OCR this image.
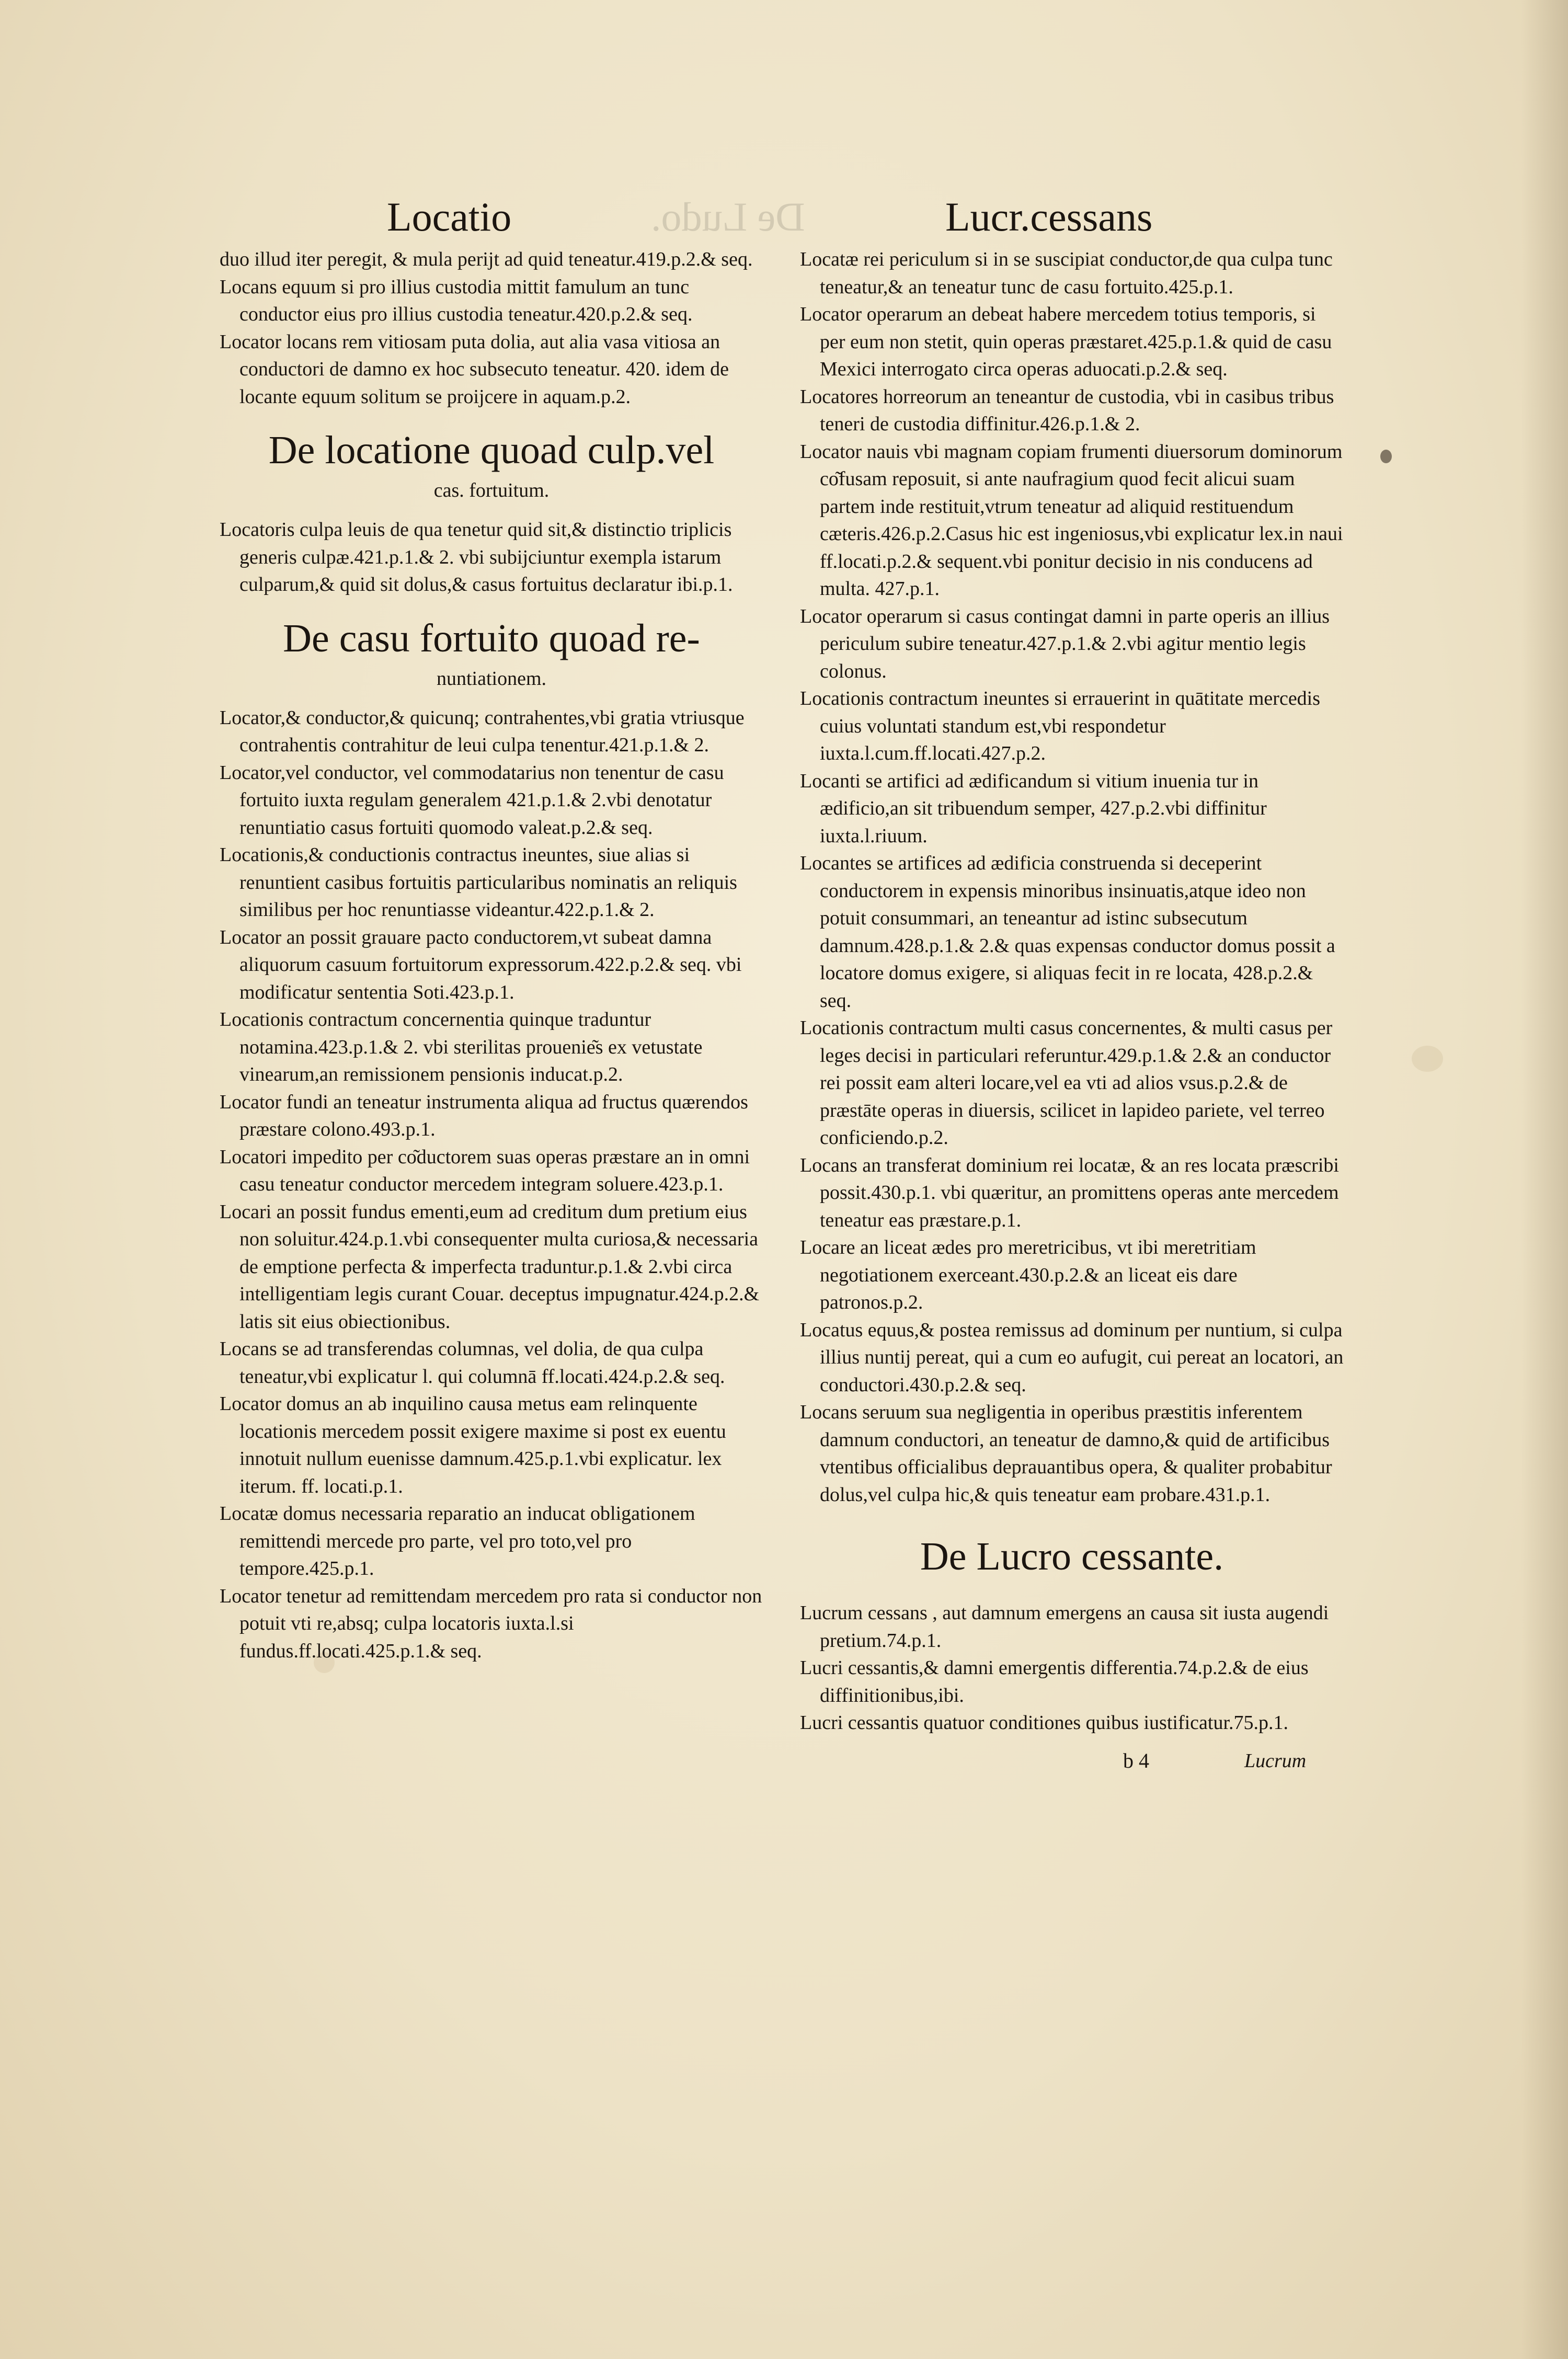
Locatio	De Ludo.	Lucr.cessans

duo illud iter peregit, & mula perijt ad quid teneatur.419.p.2.& seq.

Locans equum si pro illius custodia mittit famulum an tunc conductor eius pro illius custodia teneatur.420.p.2.& seq.

Locator locans rem vitiosam puta dolia, aut alia vasa vitiosa an conductori de damno ex hoc subsecuto teneatur. 420. idem de locante equum solitum se proijcere in aquam.p.2.

De locatione quoad culp.vel

cas. fortuitum.

Locatoris culpa leuis de qua tenetur quid sit,& distinctio triplicis generis culpæ.421.p.1.& 2. vbi subijciuntur exempla istarum culparum,& quid sit dolus,& casus fortuitus declaratur ibi.p.1.

De casu fortuito quoad re-

nuntiationem.

Locator,& conductor,& quicunq; contrahentes,vbi gratia vtriusque contrahentis contrahitur de leui culpa tenentur.421.p.1.& 2.

Locator,vel conductor, vel commodatarius non tenentur de casu fortuito iuxta regulam generalem 421.p.1.& 2.vbi denotatur renuntiatio casus fortuiti quomodo valeat.p.2.& seq.

Locationis,& conductionis contractus ineuntes, siue alias si renuntient casibus fortuitis particularibus nominatis an reliquis similibus per hoc renuntiasse videantur.422.p.1.& 2.

Locator an possit grauare pacto conductorem,vt subeat damna aliquorum casuum fortuitorum expressorum.422.p.2.& seq. vbi modificatur sententia Soti.423.p.1.

Locationis contractum concernentia quinque traduntur notamina.423.p.1.& 2. vbi sterilitas prouenie͂s ex vetustate vinearum,an remissionem pensionis inducat.p.2.

Locator fundi an teneatur instrumenta aliqua ad fructus quærendos præstare colono.493.p.1.

Locatori impedito per co͂ductorem suas operas præstare an in omni casu teneatur conductor mercedem integram soluere.423.p.1.

Locari an possit fundus ementi,eum ad creditum dum pretium eius non soluitur.424.p.1.vbi consequenter multa curiosa,& necessaria de emptione perfecta & imperfecta traduntur.p.1.& 2.vbi circa intelligentiam legis curant Couar. deceptus impugnatur.424.p.2.& latis sit eius obiectionibus.

Locans se ad transferendas columnas, vel dolia, de qua culpa teneatur,vbi explicatur l. qui columnā ff.locati.424.p.2.& seq.

Locator domus an ab inquilino causa metus eam relinquente locationis mercedem possit exigere maxime si post ex euentu innotuit nullum euenisse damnum.425.p.1.vbi explicatur. lex iterum. ff. locati.p.1.

Locatæ domus necessaria reparatio an inducat obligationem remittendi mercede pro parte, vel pro toto,vel pro tempore.425.p.1.

Locator tenetur ad remittendam mercedem pro rata si conductor non potuit vti re,absq; culpa locatoris iuxta.l.si fundus.ff.locati.425.p.1.& seq.

Locatæ rei periculum si in se suscipiat conductor,de qua culpa tunc teneatur,& an teneatur tunc de casu fortuito.425.p.1.

Locator operarum an debeat habere mercedem totius temporis, si per eum non stetit, quin operas præstaret.425.p.1.& quid de casu Mexici interrogato circa operas aduocati.p.2.& seq.

Locatores horreorum an teneantur de custodia, vbi in casibus tribus teneri de custodia diffinitur.426.p.1.& 2.

Locator nauis vbi magnam copiam frumenti diuersorum dominorum co͂fusam reposuit, si ante naufragium quod fecit alicui suam partem inde restituit,vtrum teneatur ad aliquid restituendum cæteris.426.p.2.Casus hic est ingeniosus,vbi explicatur lex.in naui ff.locati.p.2.& sequent.vbi ponitur decisio in nis conducens ad multa. 427.p.1.

Locator operarum si casus contingat damni in parte operis an illius periculum subire teneatur.427.p.1.& 2.vbi agitur mentio legis colonus.

Locationis contractum ineuntes si errauerint in quātitate mercedis cuius voluntati standum est,vbi respondetur iuxta.l.cum.ff.locati.427.p.2.

Locanti se artifici ad ædificandum si vitium inuenia tur in ædificio,an sit tribuendum semper, 427.p.2.vbi diffinitur iuxta.l.riuum.

Locantes se artifices ad ædificia construenda si deceperint conductorem in expensis minoribus insinuatis,atque ideo non potuit consummari, an teneantur ad istinc subsecutum damnum.428.p.1.& 2.& quas expensas conductor domus possit a locatore domus exigere, si aliquas fecit in re locata, 428.p.2.& seq.

Locationis contractum multi casus concernentes, & multi casus per leges decisi in particulari referuntur.429.p.1.& 2.& an conductor rei possit eam alteri locare,vel ea vti ad alios vsus.p.2.& de præstāte operas in diuersis, scilicet in lapideo pariete, vel terreo conficiendo.p.2.

Locans an transferat dominium rei locatæ, & an res locata præscribi possit.430.p.1. vbi quæritur, an promittens operas ante mercedem teneatur eas præstare.p.1.

Locare an liceat ædes pro meretricibus, vt ibi meretritiam negotiationem exerceant.430.p.2.& an liceat eis dare patronos.p.2.

Locatus equus,& postea remissus ad dominum per nuntium, si culpa illius nuntij pereat, qui a cum eo aufugit, cui pereat an locatori, an conductori.430.p.2.& seq.

Locans seruum sua negligentia in operibus præstitis inferentem damnum conductori, an teneatur de damno,& quid de artificibus vtentibus officialibus deprauantibus opera, & qualiter probabitur dolus,vel culpa hic,& quis teneatur eam probare.431.p.1.

De Lucro cessante.

Lucrum cessans , aut damnum emergens an causa sit iusta augendi pretium.74.p.1.

Lucri cessantis,& damni emergentis differentia.74.p.2.& de eius diffinitionibus,ibi.

Lucri cessantis quatuor conditiones quibus iustificatur.75.p.1.

b 4	Lucrum
